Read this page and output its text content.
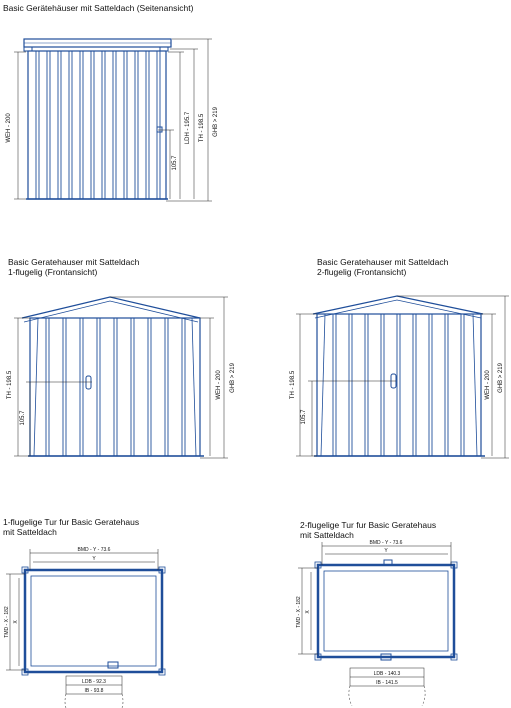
Basic Gerätehäuser mit Satteldach (Seitenansicht)
Basic Geratehauser mit Satteldach
1-flugelig (Frontansicht)
Basic Geratehauser mit Satteldach
2-flugelig (Frontansicht)
1-flugelige Tur fur Basic Geratehaus
mit Satteldach
2-flugelige Tur fur Basic Geratehaus
mit Satteldach
WEH - 200	LDH - 195.7 TH - 198.5 GHB > 219
105.7
TH - 198.5
105.7
WEH - 200 GHB > 219	TH - 198.5
105.7
WEH - 200 GHB > 219
BMD - Y - 73.6
Y
TMD - X - 182 X
LDB - 92.3
IB - 93.8
BMD - Y - 73.6
Y
TMD - X - 182 X
LDB - 140.3
IB - 141.5
